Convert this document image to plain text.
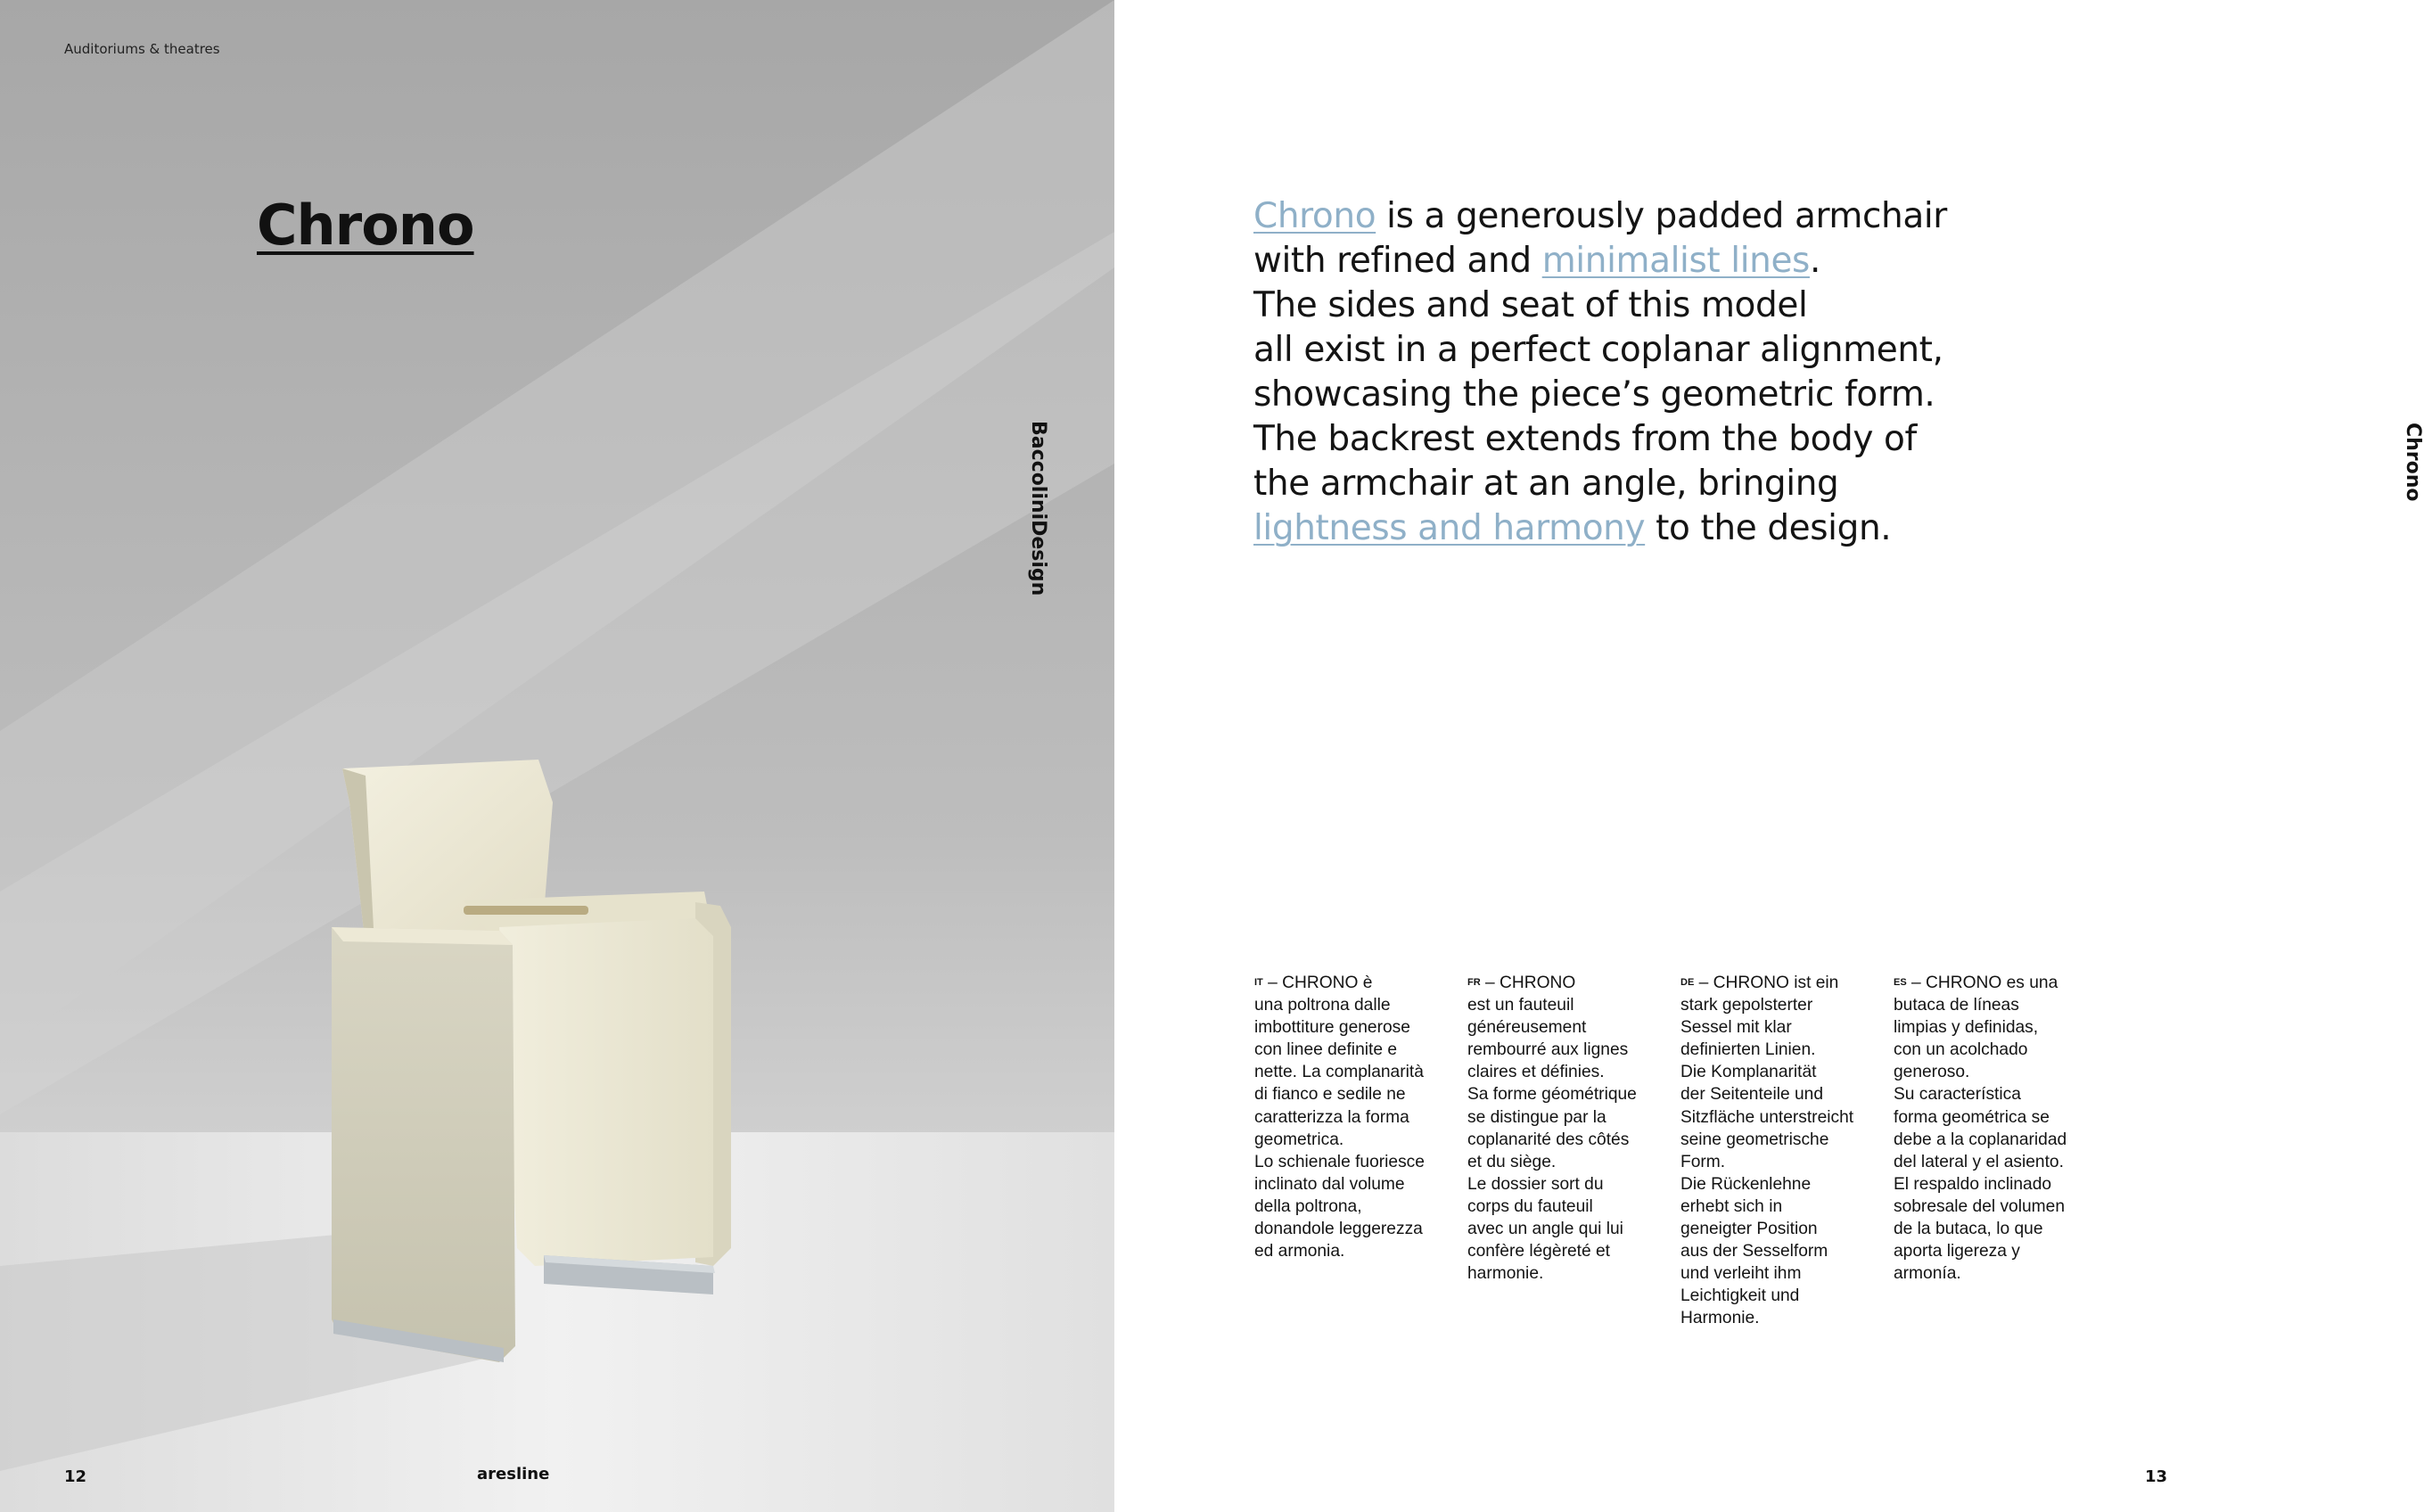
Auditoriums & theatres
Chrono
BaccoliniDesign
12	aresline

Chrono is a generously padded armchair
with refined and minimalist lines.
The sides and seat of this model
all exist in a perfect coplanar alignment,
showcasing the piece’s geometric form.
The backrest extends from the body of
the armchair at an angle, bringing
lightness and harmony to the design.

Chrono

IT – CHRONO è
una poltrona dalle
imbottiture generose
con linee definite e
nette. La complanarità
di fianco e sedile ne
caratterizza la forma
geometrica.
Lo schienale fuoriesce
inclinato dal volume
della poltrona,
donandole leggerezza
ed armonia.

FR – CHRONO
est un fauteuil
généreusement
rembourré aux lignes
claires et définies.
Sa forme géométrique
se distingue par la
coplanarité des côtés
et du siège.
Le dossier sort du
corps du fauteuil
avec un angle qui lui
confère légèreté et
harmonie.

DE – CHRONO ist ein
stark gepolsterter
Sessel mit klar
definierten Linien.
Die Komplanarität
der Seitenteile und
Sitzfläche unterstreicht
seine geometrische
Form.
Die Rückenlehne
erhebt sich in
geneigter Position
aus der Sesselform
und verleiht ihm
Leichtigkeit und
Harmonie.

ES – CHRONO es una
butaca de líneas
limpias y definidas,
con un acolchado
generoso.
Su característica
forma geométrica se
debe a la coplanaridad
del lateral y el asiento.
El respaldo inclinado
sobresale del volumen
de la butaca, lo que
aporta ligereza y
armonía.

13
